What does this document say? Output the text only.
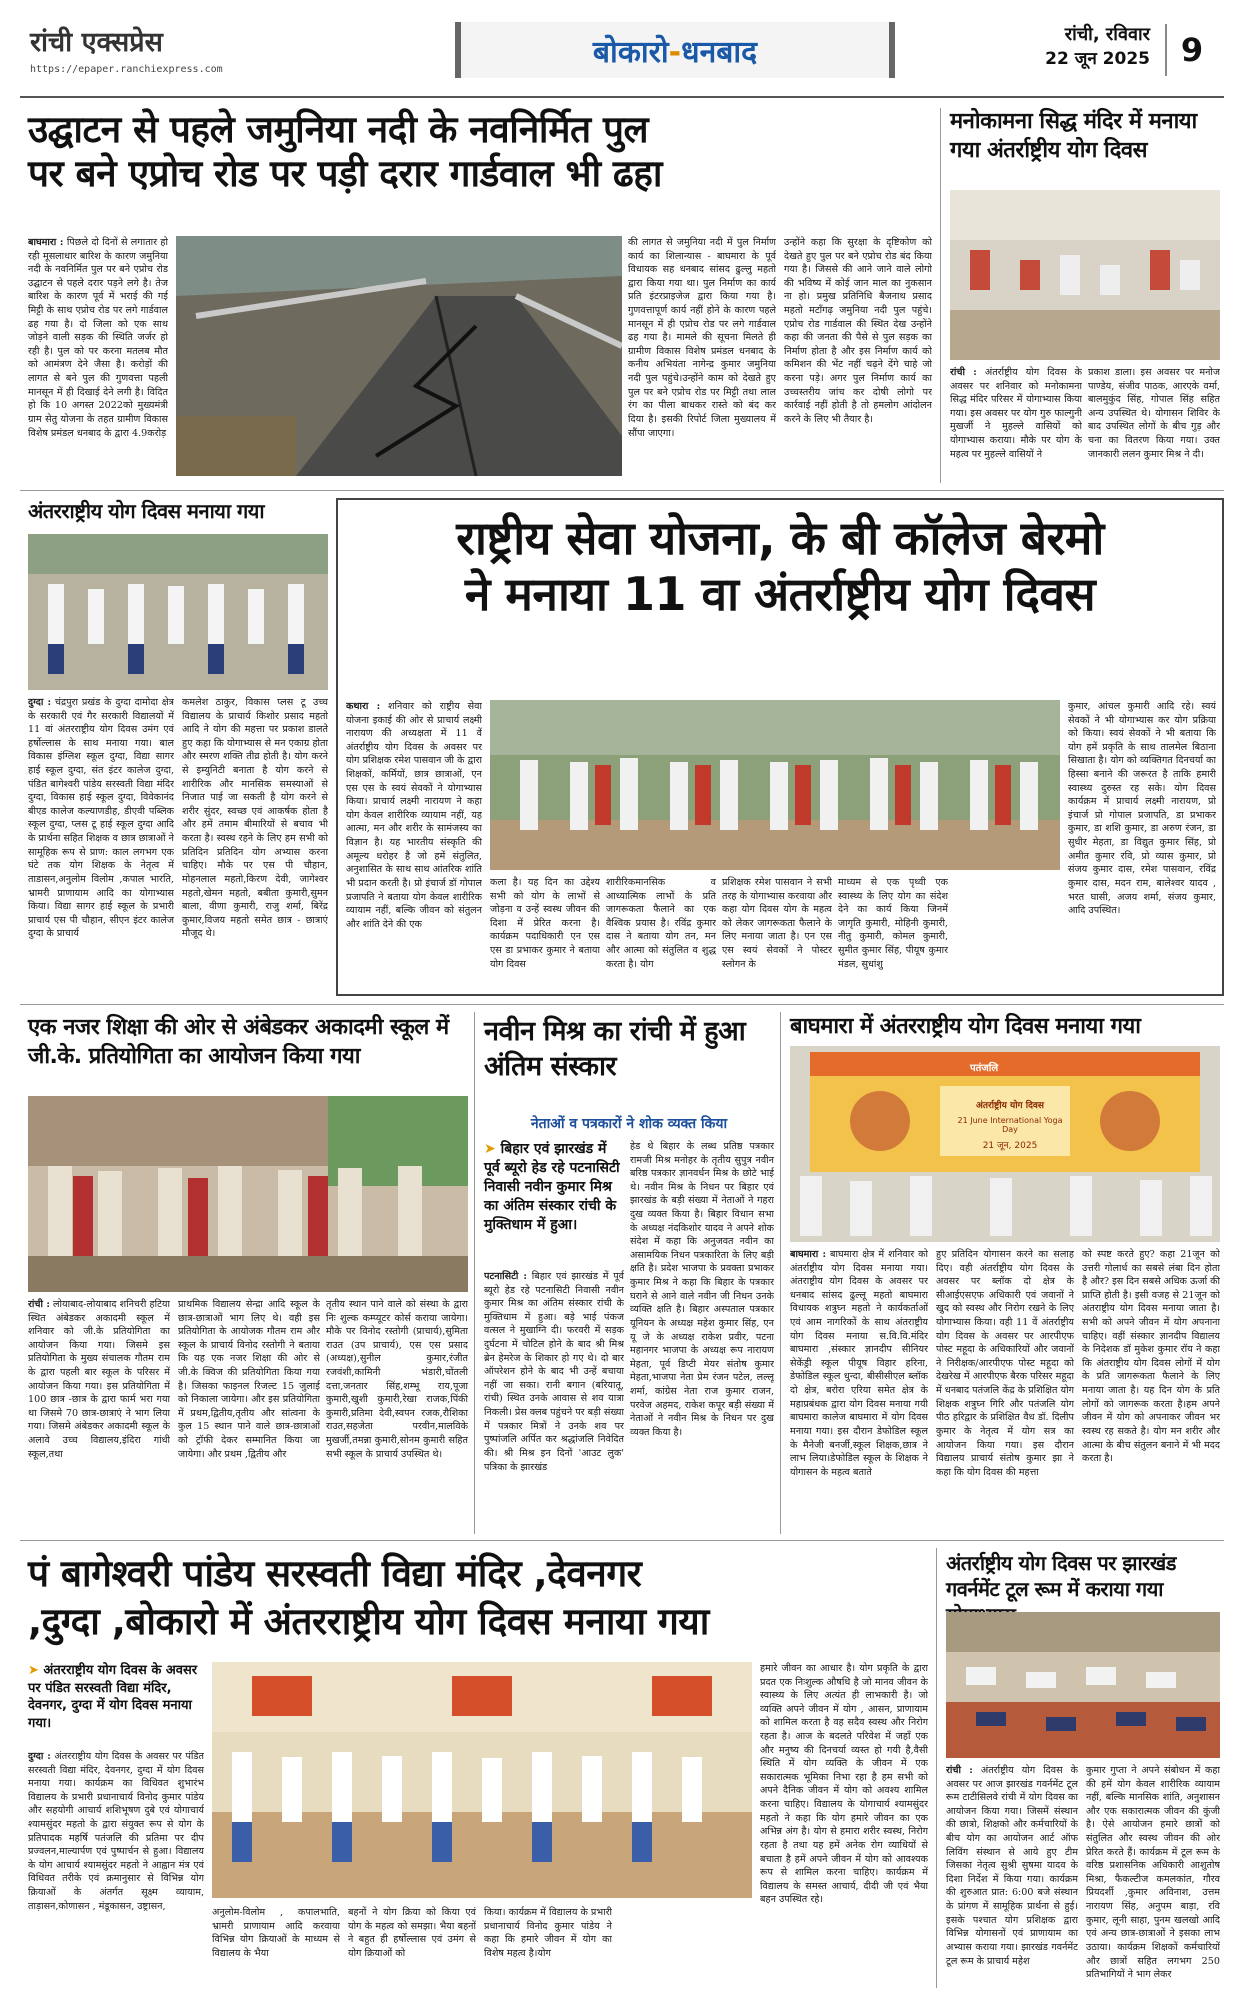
रांची एक्सप्रेस
https://epaper.ranchiexpress.com	बोकारो-धनबाद	रांची, रविवार
22 जून 2025 9
उद्घाटन से पहले जमुनिया नदी के नवनिर्मित पुल
पर बने एप्रोच रोड पर पड़ी दरार गार्डवाल भी ढहा
बाघमारा : पिछले दो दिनों से लगातार हो रही मूसलाधार बारिश के कारण जमुनिया नदी के नवनिर्मित पुल पर बने एप्रोच रोड उद्घाटन से पहले दरार पड़ने लगे है। तेज बारिश के कारण पूर्व में भराई की गई मिट्टी के साथ एप्रोच रोड पर लगे गार्डवाल ढह गया है। दो जिला को एक साथ जोड़ने वाली सड़क की स्थिति जर्जर हो रही है। पुल को पर करना मतलब मौत को आमंत्रण देने जैसा है। करोड़ों की लागत से बने पुल की गुणवत्ता पहली मानसून में ही दिखाई देने लगी है। विदित हो कि 10 अगस्त 2022को मुख्यमंत्री ग्राम सेतु योजना के तहत ग्रामीण विकास विशेष प्रमंडल धनबाद के द्वारा 4.9करोड़
की लागत से जमुनिया नदी में पुल निर्माण कार्य का शिलान्यास - बाघमारा के पूर्व विधायक सह धनबाद सांसद ढुल्लु महतो द्वारा किया गया था। पुल निर्माण का कार्य प्रति इंटरप्राइजेज द्वारा किया गया है। गुणवत्तापूर्ण कार्य नहीं होने के कारण पहले मानसून में ही एप्रोच रोड पर लगे गार्डवाल ढह गया है। मामले की सूचना मिलते ही ग्रामीण विकास विशेष प्रमंडल धनबाद के कनीय अभियंता नागेन्द्र कुमार जमुनिया नदी पुल पहुंचे।उन्होंने काम को देखते हुए पुल पर बने एप्रोच रोड पर मिट्टी तथा लाल रंग का पीला बाधकर रास्ते को बंद कर दिया है। इसकी रिपोर्ट जिला मुख्यालय में सौंपा जाएगा।
उन्होंने कहा कि सुरक्षा के दृष्टिकोण को देखते हुए पुल पर बने एप्रोच रोड बंद किया गया है। जिससे की आने जाने वाले लोगो की भविष्य में कोई जान माल का नुकसान ना हो। प्रमुख प्रतिनिधि बैजनाथ प्रसाद महतो मटॉंगढ़ जमुनिया नदी पुल पहुंचे। एप्रोच रोड गार्डवाल की स्थित देख उन्होंने कहा की जनता की पैसे से पुल सड़क का निर्माण होता है और इस निर्माण कार्य को कमिशन की भेंट नहीं चढ़ने देंगे चाहे जो करना पड़े। अगर पुल निर्माण कार्य का उच्चस्तरीय जांच कर दोषी लोगो पर कार्रवाई नहीं होती है तो हमलोग आंदोलन करने के लिए भी तैयार है।
मनोकामना सिद्ध मंदिर में मनाया गया अंतर्राष्ट्रीय योग दिवस
रांची : अंतर्राष्ट्रीय योग दिवस के अवसर पर शनिवार को मनोकामना सिद्ध मंदिर परिसर में योगाभ्यास किया गया। इस अवसर पर योग गुरु फाल्गुनी मुखर्जी ने मुहल्ले वासियों को योगाभ्यास कराया। मौके पर योग के महत्व पर मुहल्ले वासियों ने
प्रकाश डाला। इस अवसर पर मनोज पाण्डेय, संजीव पाठक, आरएके वर्मा, बालमुकुंद सिंह, गोपाल सिंह सहित अन्य उपस्थित थे। योगासन शिविर के बाद उपस्थित लोगों के बीच गुड़ और चना का वितरण किया गया। उक्त जानकारी ललन कुमार मिश्र ने दी।
अंतरराष्ट्रीय योग दिवस मनाया गया
दुग्दा : चंद्रपुरा प्रखंड के दुग्दा दामोदा क्षेत्र के सरकारी एवं गैर सरकारी विद्यालयों में 11 वां अंतरराष्ट्रीय योग दिवस उमंग एवं हर्षोल्लास के साथ मनाया गया। बाल विकास इंग्लिश स्कूल दुग्दा, विद्या सागर हाई स्कूल दुग्दा, संत इंटर कालेज दुग्दा, पंडित बागेश्वरी पांडेय सरस्वती विद्या मंदिर दुग्दा, विकास हाई स्कूल दुग्दा, विवेकानंद बीएड कालेज कल्याणडीह, डीएवी पब्लिक स्कूल दुग्दा, प्लस टू हाई स्कूल दुग्दा आदि के प्रार्थना सहित शिक्षक व छात्र छात्राओं ने सामूहिक रूप से प्राण: काल लगभग एक घंटे तक योग शिक्षक के नेतृत्व में ताडासन,अनुलोम विलोम ,कपाल भारति, भ्रामरी प्राणायाम आदि का योगाभ्यास किया। विद्या सागर हाई स्कूल के प्रभारी प्राचार्य एस पी चौहान, सीएन इंटर कालेज दुग्दा के प्राचार्य
कमलेश ठाकुर, विकास प्लस टू उच्च विद्यालय के प्राचार्य किशोर प्रसाद महतो आदि ने योग की महत्ता पर प्रकाश डालते हुए कहा कि योगाभ्यास से मन एकाग्र होता और स्मरण शक्ति तीव्र होती है। योग करने से इम्युनिटी बनाता है योग करने से शारीरिक और मानसिक समस्याओं से निजात पाई जा सकती है योग करने से शरीर सुंदर, स्वच्छ एवं आकर्षक होता है और हमें तमाम बीमारियों से बचाव भी करता है। स्वस्थ रहने के लिए हम सभी को प्रतिदिन प्रतिदिन योग अभ्यास करना चाहिए। मौके पर एस पी चौहान, मोहनलाल महतो,किरण देवी, जागेश्वर महतो,खेमन महतो, बबीता कुमारी,सुमन बाला, वीणा कुमारी, राजु शर्मा, बिरेंद्र कुमार,विजय महतो समेत छात्र - छात्राएं मौजूद थे।
राष्ट्रीय सेवा योजना, के बी कॉलेज बेरमो
ने मनाया 11 वा अंतर्राष्ट्रीय योग दिवस
कथारा : शनिवार को राष्ट्रीय सेवा योजना इकाई की ओर से प्राचार्य लक्ष्मी नारायण की अध्यक्षता में 11 वें अंतर्राष्ट्रीय योग दिवस के अवसर पर योग प्रशिक्षक रमेश पासवान जी के द्वारा शिक्षकों, कर्मियों, छात्र छात्राओं, एन एस एस के स्वयं सेवकों ने योगाभ्यास किया। प्राचार्य लक्ष्मी नारायण ने कहा योग केवल शारीरिक व्यायाम नहीं, यह आत्मा, मन और शरीर के सामंजस्य का विज्ञान है। यह भारतीय संस्कृति की अमूल्य धरोहर है जो हमें संतुलित, अनुशासित के साथ साथ आंतरिक शांति भी प्रदान करती है। प्रो इंचार्ज डॉ गोपाल प्रजापति ने बताया योग केवल शारीरिक व्यायाम नहीं, बल्कि जीवन को संतुलन और शांति देने की एक
कला है। यह दिन का उद्देश्य सभी को योग के लाभों से जोड़ना व उन्हें स्वस्थ जीवन की दिशा में प्रेरित करना है। कार्यक्रम पदाधिकारी एन एस एस डा प्रभाकर कुमार ने बताया योग दिवस
शारीरिकमानसिक व आध्यात्मिक लाभों के प्रति जागरूकता फैलाने का एक वैश्विक प्रयास है। रविंद्र कुमार दास ने बताया योग तन, मन और आत्मा को संतुलित व शुद्ध करता है। योग
प्रशिक्षक रमेश पासवान ने सभी तरह के योगाभ्यास करवाया और कहा योग दिवस योग के महत्व को लेकर जागरूकता फैलाने के लिए मनाया जाता है। एन एस एस स्वयं सेवकों ने पोस्टर स्लोगन के
माध्यम से एक पृथ्वी एक स्वास्थ्य के लिए योग का संदेश देने का कार्य किया जिनमें जागृति कुमारी, मोहिनी कुमारी, नीतु कुमारी, कोमल कुमारी, सुमीत कुमार सिंह, पीयूष कुमार मंडल, सुधांशु
कुमार, आंचल कुमारी आदि रहे। स्वयं सेवकों ने भी योगाभ्यास कर योग प्रक्रिया को किया। स्वयं सेवकों ने भी बताया कि योग हमें प्रकृति के साथ तालमेल बिठाना सिखाता है। योग को व्यक्तिगत दिनचर्या का हिस्सा बनाने की जरूरत है ताकि हमारी स्वास्थ्य दुरुस्त रह सके। योग दिवस कार्यक्रम में प्राचार्य लक्ष्मी नारायण, प्रो इंचार्ज प्रो गोपाल प्रजापति, डा प्रभाकर कुमार, डा शशि कुमार, डा अरुण रंजन, डा सुधीर मेहता, डा विद्युत कुमार सिंह, प्रो अमीत कुमार रवि, प्रो व्यास कुमार, प्रो संजय कुमार दास, रमेश पासवान, रविंद्र कुमार दास, मदन राम, बालेश्वर यादव , भरत घासी, अजय शर्मा, संजय कुमार, आदि उपस्थित।
एक नजर शिक्षा की ओर से अंबेडकर अकादमी स्कूल में जी.के. प्रतियोगिता का आयोजन किया गया
रांची : लोयाबाद-लोयाबाद शनिचरी हटिया स्थित अंबेडकर अकादमी स्कूल में शनिवार को जी.के प्रतियोगिता का आयोजन किया गया। जिसमे इस प्रतियोगिता के मुख्य संचालक गौतम राम के द्वारा पहली बार स्कूल के परिसर में आयोजन किया गया। इस प्रतियोगिता में 100 छात्र -छात्र के द्वारा फार्म भरा गया था जिसमे 70 छात्र-छात्राएं ने भाग लिया गया। जिसमे अंबेडकर अकादमी स्कूल के अलावे उच्च विद्यालय,इंदिरा गांधी स्कूल,तथा
प्राथमिक विद्यालय सेन्द्रा आदि स्कूल के छात्र-छात्राओं भाग लिए थे। वही इस प्रतियोगिता के आयोजक गौतम राम और स्कूल के प्राचार्य विनोद रस्तोगी ने बताया कि यह एक नजर शिक्षा की ओर से जी.के क्विज की प्रतियोगिता किया गया है। जिसका फाइनल रिजल्ट 15 जुलाई को निकाला जायेगा। और इस प्रतियोगिता में प्रथम,द्वितीय,तृतीय और सांत्वना के कुल 15 स्थान पाने वाले छात्र-छात्राओं को ट्रॉफी देकर सम्मानित किया जा जायेगा। और प्रथम ,द्वितीय और
तृतीय स्थान पाने वाले को संस्था के द्वारा निः शुल्क कम्प्यूटर कोर्स कराया जायेगा। मौके पर विनोद रस्तोगी (प्राचार्य),सुमिता राउत (उप प्राचार्य), एस एस प्रसाद (अध्यक्ष),सुनील कुमार,रंजीत रजवंशी,कामिनी भंडारी,चोंतली दत्ता,जनतार सिंह,शम्भू राय,पूजा कुमारी,खुशी कुमारी,रेखा राजक,पिंकी कुमारी,प्रतिमा देवी,स्वपन रजक,रौशिका राउत,सहजेता परवीन,मालविके मुखर्जी,तमन्ना कुमारी,सोनम कुमारी सहित सभी स्कूल के प्राचार्य उपस्थित थे।
नवीन मिश्र का रांची में हुआ अंतिम संस्कार
नेताओं व पत्रकारों ने शोक व्यक्त किया
➤ बिहार एवं झारखंड में पूर्व ब्यूरो हेड रहे पटनासिटी निवासी नवीन कुमार मिश्र का अंतिम संस्कार रांची के मुक्तिधाम में हुआ।
पटनासिटी : बिहार एवं झारखंड में पूर्व ब्यूरो हेड रहे पटनासिटी निवासी नवीन कुमार मिश्र का अंतिम संस्कार रांची के मुक्तिधाम में हुआ। बड़े भाई पंकज वत्सल ने मुखाग्नि दी। फरवरी में सड़क दुर्घटना में चोटिल होने के बाद श्री मिश्र ब्रेन हेमरेज के शिकार हो गए थे। दो बार ऑपरेशन होने के बाद भी उन्हें बचाया नहीं जा सका। रानी बगान (बरियातू, रांची) स्थित उनके आवास से शव यात्रा निकली। प्रेस क्लब पहुंचने पर बड़ी संख्या में पत्रकार मित्रों ने उनके शव पर पुष्पांजलि अर्पित कर श्रद्धांजलि निवेदित की। श्री मिश्र इन दिनों 'आउट लुक' पत्रिका के झारखंड
हेड थे बिहार के लब्ध प्रतिष्ठ पत्रकार रामजी मिश्र मनोहर के तृतीय सुपुत्र नवीन बरिष्ठ पत्रकार ज्ञानवर्धन मिश्र के छोटे भाई थे। नवीन मिश्र के निधन पर बिहार एवं झारखंड के बड़ी संख्या में नेताओं ने गहरा दुख व्यक्त किया है। बिहार विधान सभा के अध्यक्ष नंदकिशोर यादव ने अपने शोक संदेश में कहा कि अनुजवत नवीन का असामयिक निधन पत्रकारिता के लिए बड़ी क्षति है। प्रदेश भाजपा के प्रवक्ता प्रभाकर कुमार मिश्र ने कहा कि बिहार के पत्रकार घराने से आने वाले नवीन जी निधन उनके व्यक्ति क्षति है। बिहार अस्पताल पत्रकार यूनियन के अध्यक्ष महेश कुमार सिंह, एन यू जे के अध्यक्ष राकेश प्रवीर, पटना महानगर भाजपा के अध्यक्ष रूप नारायण मेहता, पूर्व डिप्टी मेयर संतोष कुमार मेहता,भाजपा नेता प्रेम रंजन पटेल, लल्लू शर्मा, कांग्रेस नेता राज कुमार राजन, परवेज अहमद, राकेश कपूर बड़ी संख्या में नेताओं ने नवीन मिश्र के निधन पर दुख व्यक्त किया है।
बाघमारा में अंतरराष्ट्रीय योग दिवस मनाया गया
पतंजलि
अंतर्राष्ट्रीय योग दिवस
21 June International Yoga Day
21 जून, 2025
बाघमारा : बाघमारा क्षेत्र में शनिवार को अंतर्राष्ट्रीय योग दिवस मनाया गया। अंतराष्ट्रीय योग दिवस के अवसर पर धनबाद सांसद ढुल्लू महतो बाघमारा विधायक शत्रुघ्न महतो ने कार्यकर्ताओं एवं आम नागरिकों के साथ अंतराष्ट्रीय योग दिवस मनाया स.वि.वि.मंदिर बाघमारा ,संस्कार ज्ञानदीप सीनियर सेकेंड्री स्कूल पीयूष विहार हरिना, डेफोडिल स्कूल धुन्दा, बीसीसीएल ब्लॉक दो क्षेत्र, बरोरा एरिया समेत क्षेत्र के महाप्रबंधक द्वारा योग दिवस मनाया गयी बाघमारा कालेज बाघमारा में योग दिवस मनाया गया। इस दौरान डेफोडिल स्कूल के मैनेजी बनर्जी,स्कूल शिक्षक,छात्र ने लाभ लिया।डेफोडिल स्कूल के शिक्षक ने योगासन के महत्व बताते
हुए प्रतिदिन योगासन करने का सलाह दिए। वही अंतर्राष्ट्रीय योग दिवस के अवसर पर ब्लॉक दो क्षेत्र के सीआईएसएफ अधिकारी एवं जवानों ने खुद को स्वस्थ और निरोग रखने के लिए योगाभ्यास किया। वही 11 वें अंतर्राष्ट्रीय योग दिवस के अवसर पर आरपीएफ पोस्ट महूदा के अधिकारियों और जवानों ने निरीक्षक/आरपीएफ पोस्ट महूदा को देखरेख में आरपीएफ बैरक परिसर महूदा में धनबाद पतंजलि केंद्र के प्रशिक्षित योग शिक्षक शत्रुघ्न गिरि और पतंजलि योग पीठ हरिद्वार के प्रशिक्षित वैध डॉ. दिलीप कुमार के नेतृत्व में योग सत्र का आयोजन किया गया। इस दौरान विद्यालय प्राचार्य संतोष कुमार झा ने कहा कि योग दिवस की महत्ता
को स्पष्ट करते हुए? कहा 21जून को उत्तरी गोलार्ध का सबसे लंबा दिन होता है और? इस दिन सबसे अधिक ऊर्जा की प्राप्ति होती है। इसी वजह से 21जून को अंतराष्ट्रीय योग दिवस मनाया जाता है। सभी को अपने जीवन में योग अपनाना चाहिए। वहीं संस्कार ज्ञानदीप विद्यालय के निदेशक डॉ मुकेश कुमार रॉय ने कहा कि अंतराष्ट्रीय योग दिवस लोगों में योग के प्रति जागरूकता फैलाने के लिए मनाया जाता है। यह दिन योग के प्रति लोगों को जागरूक करता है।हम अपने जीवन में योग को अपनाकर जीवन भर स्वस्थ रह सकते है। योग मन शरीर और आत्मा के बीच संतुलन बनाने में भी मदद करता है।
पं बागेश्वरी पांडेय सरस्वती विद्या मंदिर ,देवनगर
,दुग्दा ,बोकारो में अंतरराष्ट्रीय योग दिवस मनाया गया
➤ अंतरराष्ट्रीय योग दिवस के अवसर पर पंडित सरस्वती विद्या मंदिर, देवनगर, दुग्दा में योग दिवस मनाया गया।
दुग्दा : अंतरराष्ट्रीय योग दिवस के अवसर पर पंडित सरस्वती विद्या मंदिर, देवनगर, दुग्दा में योग दिवस मनाया गया। कार्यक्रम का विधिवत शुभारंभ विद्यालय के प्रभारी प्रधानाचार्य विनोद कुमार पांडेय और सहयोगी आचार्य शशिभूषण दुबे एवं योगाचार्य श्यामसुंदर महतो के द्वारा संयुक्त रूप से योग के प्रतिपादक महर्षि पतंजलि की प्रतिमा पर दीप प्रज्वलन,माल्यार्पण एवं पुष्पार्चन से हुआ। विद्यालय के योग आचार्य श्यामसुंदर महतो ने आह्वान मंत्र एवं विधिवत तरीके एवं क्रमानुसार से विभिन्न योग क्रियाओं के अंतर्गत सूक्ष्म व्यायाम, ताड़ासन,कोणासन , मंडूकासन, उष्ट्रासन,
अनुलोम-विलोम , कपालभाति, भ्रामरी प्राणायाम आदि करवाया विभिन्न योग क्रियाओं के माध्यम से विद्यालय के भैया
बहनों ने योग क्रिया को किया एवं योग के महत्व को समझा। भैया बहनों ने बहुत ही हर्षोल्लास एवं उमंग से योग क्रियाओं को
किया। कार्यक्रम में विद्यालय के प्रभारी प्रधानाचार्य विनोद कुमार पांडेय ने कहा कि हमारे जीवन में योग का विशेष महत्व है।योग
हमारे जीवन का आधार है। योग प्रकृति के द्वारा प्रदत एक निःशुल्क औषधि है जो मानव जीवन के स्वास्थ्य के लिए अत्यंत ही लाभकारी है। जो व्यक्ति अपने जीवन में योग , आसन, प्राणायाम को शामिल करता है वह सदैव स्वस्थ और निरोग रहता है। आज के बदलते परिवेश में जहाँ एक और मनुष्य की दिनचर्या व्यस्त हो गयी है,वैसी स्थिति में योग व्यक्ति के जीवन में एक सकारात्मक भूमिका निभा रहा है हम सभी को अपने दैनिक जीवन में योग को अवश्य शामिल करना चाहिए। विद्यालय के योगाचार्य श्यामसुंदर महतो ने कहा कि योग हमारे जीवन का एक अभिन्न अंग है। योग से हमारा शरीर स्वस्थ, निरोग रहता है तथा यह हमें अनेक रोग व्याधियों से बचाता है हमें अपने जीवन में योग को आवश्यक रूप से शामिल करना चाहिए। कार्यक्रम में विद्यालय के समस्त आचार्य, दीदी जी एवं भैया बहन उपस्थित रहे।
अंतर्राष्ट्रीय योग दिवस पर झारखंड गवर्नमेंट टूल रूम में कराया गया
रांची : अंतर्राष्ट्रीय योग दिवस के अवसर पर आज झारखंड गवर्नमेंट टूल रूम टाटीसिलवे रांची में योग दिवस का आयोजन किया गया। जिसमें संस्थान की छात्रो, शिक्षको और कर्मचारियों के बीच योग का आयोजन आर्ट ऑफ लिविंग संस्थान से आये हुए टीम जिसका नेतृत्व सुश्री सुषमा यादव के दिशा निर्देश में किया गया। कार्यक्रम की शुरुआत प्रात: 6:00 बजे संस्थान के प्रांगण में सामूहिक प्रार्थना से हुई। इसके पश्चात योग प्रशिक्षक द्वारा विभिन्न योगासनों एवं प्राणायाम का अभ्यास कराया गया। झारखंड गवर्नमेंट टूल रूम के प्राचार्य महेश
कुमार गुप्ता ने अपने संबोधन में कहा की हमें योग केवल शारीरिक व्यायाम नहीं, बल्कि मानसिक शांति, अनुशासन और एक सकारात्मक जीवन की कुंजी है। ऐसे आयोजन हमारे छात्रों को संतुलित और स्वस्थ जीवन की ओर प्रेरित करते हैं। कार्यक्रम में टूल रूम के वरिष्ठ प्रशासनिक अधिकारी आशुतोष मिश्रा, फैकल्टीज कमलकांत, गौरव प्रियदर्शी ,कुमार अविनाश, उत्तम नारायण सिंह, अनुपम बाड़ा, रवि कुमार, लूनी साहा, पुनम खलखो आदि एवं अन्य छात्र-छात्राओं ने इसका लाभ उठाया। कार्यक्रम शिक्षकों कर्मचारियों और छात्रों सहित लगभग 250 प्रतिभागियों ने भाग लेकर
